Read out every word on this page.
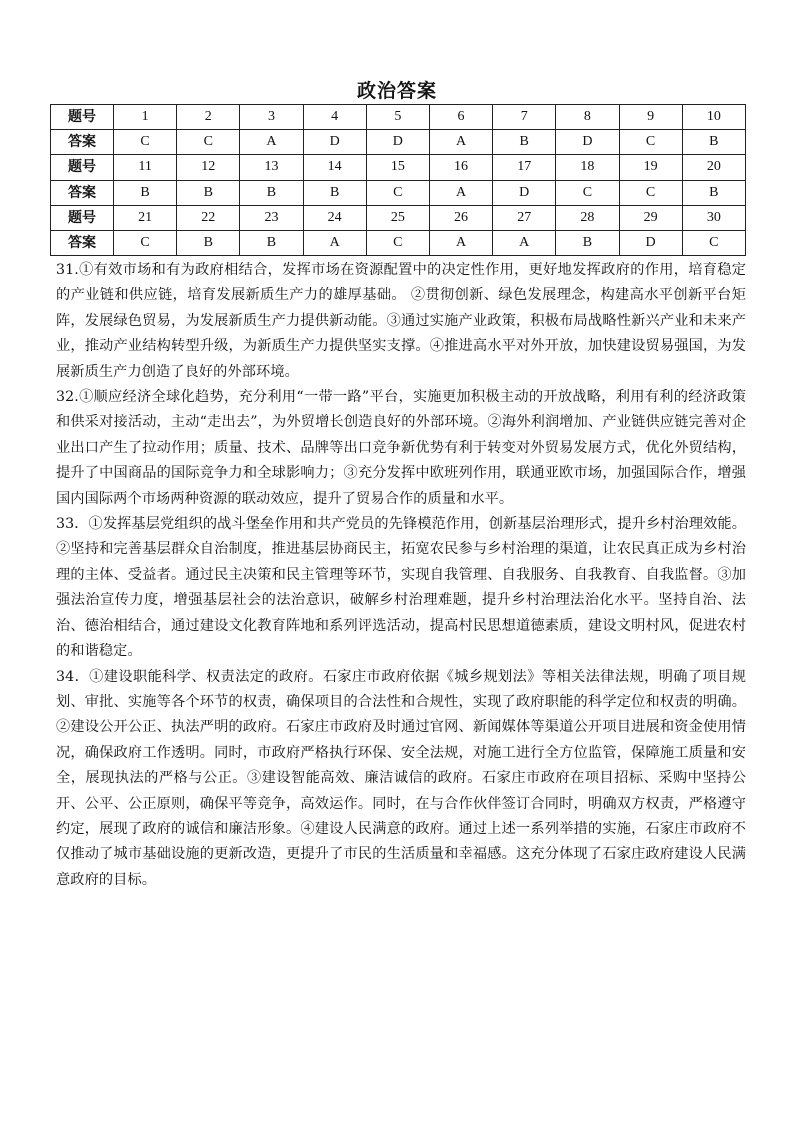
政治答案
题号	1	2	3	4	5	6	7	8	9	10
答案	C	C	A	D	D	A	B	D	C	B
题号	11	12	13	14	15	16	17	18	19	20
答案	B	B	B	B	C	A	D	C	C	B
题号	21	22	23	24	25	26	27	28	29	30
答案	C	B	B	A	C	A	A	B	D	C

31.①有效市场和有为政府相结合，发挥市场在资源配置中的决定性作用，更好地发挥政府的作用，培育稳定的产业链和供应链，培育发展新质生产力的雄厚基础。 ②贯彻创新、绿色发展理念，构建高水平创新平台矩阵，发展绿色贸易，为发展新质生产力提供新动能。③通过实施产业政策，积极布局战略性新兴产业和未来产业，推动产业结构转型升级，为新质生产力提供坚实支撑。④推进高水平对外开放，加快建设贸易强国，为发展新质生产力创造了良好的外部环境。

32.①顺应经济全球化趋势，充分利用“一带一路”平台，实施更加积极主动的开放战略，利用有利的经济政策和供采对接活动，主动“走出去”，为外贸增长创造良好的外部环境。②海外利润增加、产业链供应链完善对企业出口产生了拉动作用；质量、技术、品牌等出口竞争新优势有利于转变对外贸易发展方式，优化外贸结构，提升了中国商品的国际竞争力和全球影响力；③充分发挥中欧班列作用，联通亚欧市场，加强国际合作，增强国内国际两个市场两种资源的联动效应，提升了贸易合作的质量和水平。

33．①发挥基层党组织的战斗堡垒作用和共产党员的先锋模范作用，创新基层治理形式，提升乡村治理效能。②坚持和完善基层群众自治制度，推进基层协商民主，拓宽农民参与乡村治理的渠道，让农民真正成为乡村治理的主体、受益者。通过民主决策和民主管理等环节，实现自我管理、自我服务、自我教育、自我监督。③加强法治宣传力度，增强基层社会的法治意识，破解乡村治理难题，提升乡村治理法治化水平。坚持自治、法治、德治相结合，通过建设文化教育阵地和系列评选活动，提高村民思想道德素质，建设文明村风，促进农村的和谐稳定。

34．①建设职能科学、权责法定的政府。石家庄市政府依据《城乡规划法》等相关法律法规，明确了项目规划、审批、实施等各个环节的权责，确保项目的合法性和合规性，实现了政府职能的科学定位和权责的明确。②建设公开公正、执法严明的政府。石家庄市政府及时通过官网、新闻媒体等渠道公开项目进展和资金使用情况，确保政府工作透明。同时，市政府严格执行环保、安全法规，对施工进行全方位监管，保障施工质量和安全，展现执法的严格与公正。③建设智能高效、廉洁诚信的政府。石家庄市政府在项目招标、采购中坚持公开、公平、公正原则，确保平等竞争，高效运作。同时，在与合作伙伴签订合同时，明确双方权责，严格遵守约定，展现了政府的诚信和廉洁形象。④建设人民满意的政府。通过上述一系列举措的实施，石家庄市政府不仅推动了城市基础设施的更新改造，更提升了市民的生活质量和幸福感。这充分体现了石家庄政府建设人民满意政府的目标。
